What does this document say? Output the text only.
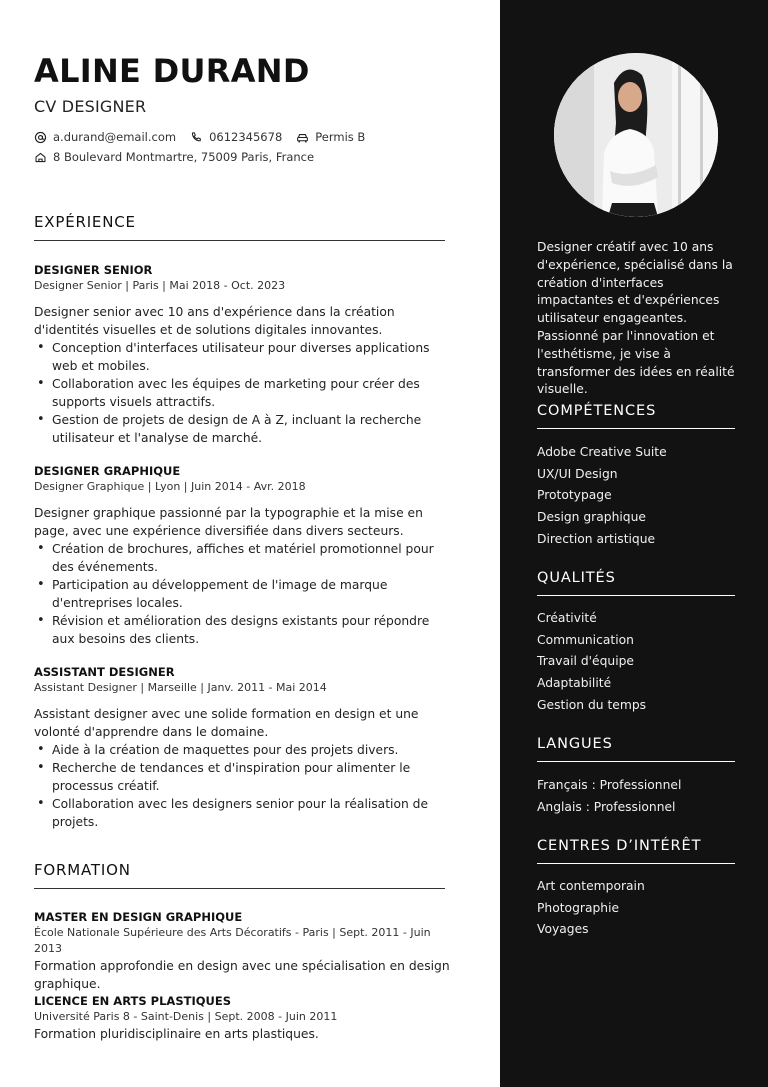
ALINE DURAND
CV DESIGNER
a.durand@email.com	0612345678	Permis B
8 Boulevard Montmartre, 75009 Paris, France
EXPÉRIENCE
DESIGNER SENIOR
Designer Senior | Paris | Mai 2018 - Oct. 2023
Designer senior avec 10 ans d'expérience dans la création d'identités visuelles et de solutions digitales innovantes.
• Conception d'interfaces utilisateur pour diverses applications web et mobiles.
• Collaboration avec les équipes de marketing pour créer des supports visuels attractifs.
• Gestion de projets de design de A à Z, incluant la recherche utilisateur et l'analyse de marché.
DESIGNER GRAPHIQUE
Designer Graphique | Lyon | Juin 2014 - Avr. 2018
Designer graphique passionné par la typographie et la mise en page, avec une expérience diversifiée dans divers secteurs.
• Création de brochures, affiches et matériel promotionnel pour des événements.
• Participation au développement de l'image de marque d'entreprises locales.
• Révision et amélioration des designs existants pour répondre aux besoins des clients.
ASSISTANT DESIGNER
Assistant Designer | Marseille | Janv. 2011 - Mai 2014
Assistant designer avec une solide formation en design et une volonté d'apprendre dans le domaine.
• Aide à la création de maquettes pour des projets divers.
• Recherche de tendances et d'inspiration pour alimenter le processus créatif.
• Collaboration avec les designers senior pour la réalisation de projets.
FORMATION
MASTER EN DESIGN GRAPHIQUE
École Nationale Supérieure des Arts Décoratifs - Paris | Sept. 2011 - Juin 2013
Formation approfondie en design avec une spécialisation en design graphique.
LICENCE EN ARTS PLASTIQUES
Université Paris 8 - Saint-Denis | Sept. 2008 - Juin 2011
Formation pluridisciplinaire en arts plastiques.
Designer créatif avec 10 ans d'expérience, spécialisé dans la création d'interfaces impactantes et d'expériences utilisateur engageantes. Passionné par l'innovation et l'esthétisme, je vise à transformer des idées en réalité visuelle.
COMPÉTENCES
Adobe Creative Suite
UX/UI Design
Prototypage
Design graphique
Direction artistique
QUALITÉS
Créativité
Communication
Travail d'équipe
Adaptabilité
Gestion du temps
LANGUES
Français : Professionnel
Anglais : Professionnel
CENTRES D’INTÉRÊT
Art contemporain
Photographie
Voyages
